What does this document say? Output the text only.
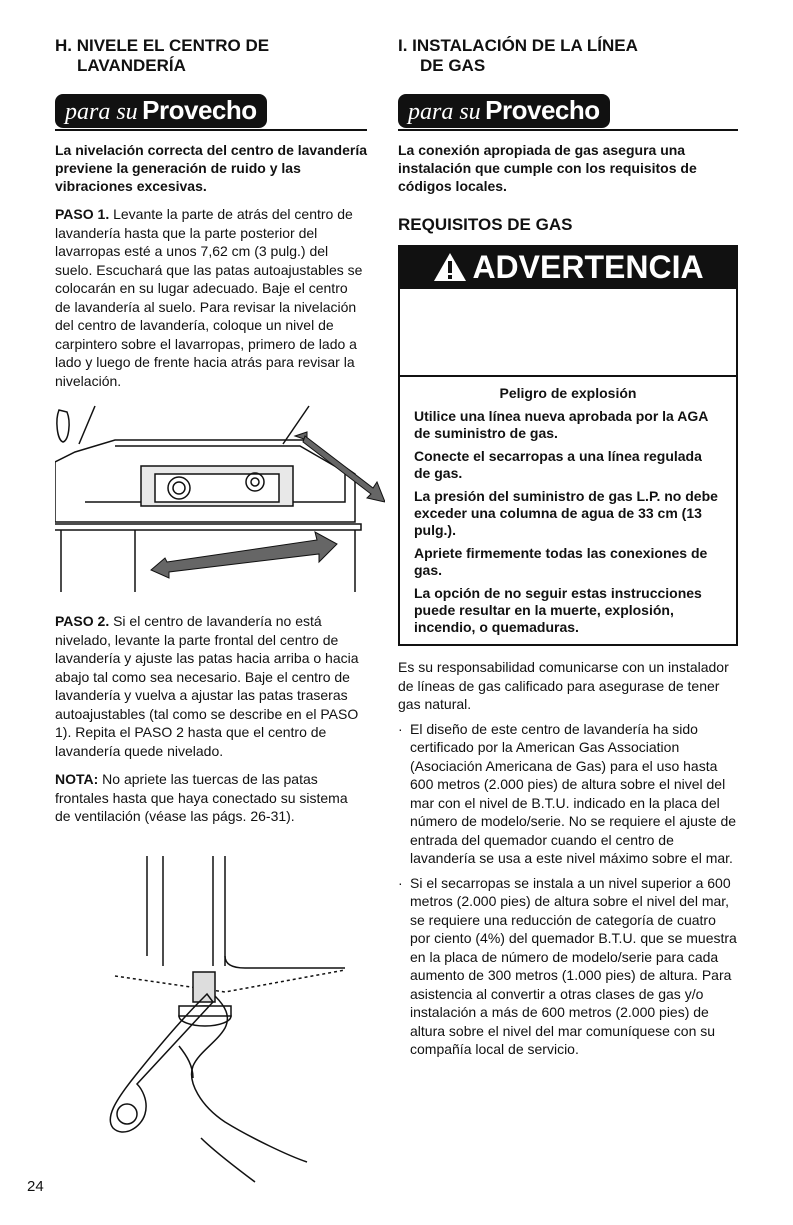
H. NIVELE EL CENTRO DE
LAVANDERÍA
para su Provecho

La nivelación correcta del centro de lavandería previene la generación de ruido y las vibraciones excesivas.

PASO 1. Levante la parte de atrás del centro de lavandería hasta que la parte posterior del lavarropas esté a unos 7,62 cm (3 pulg.) del suelo. Escuchará que las patas autoajustables se colocarán en su lugar adecuado. Baje el centro de lavandería al suelo. Para revisar la nivelación del centro de lavandería, coloque un nivel de carpintero sobre el lavarropas, primero de lado a lado y luego de frente hacia atrás para revisar la nivelación.

PASO 2. Si el centro de lavandería no está nivelado, levante la parte frontal del centro de lavandería y ajuste las patas hacia arriba o hacia abajo tal como sea necesario. Baje el centro de lavandería y vuelva a ajustar las patas traseras autoajustables (tal como se describe en el PASO 1). Repita el PASO 2 hasta que el centro de lavandería quede nivelado.

NOTA: No apriete las tuercas de las patas frontales hasta que haya conectado su sistema de ventilación (véase las págs. 26-31).

I. INSTALACIÓN DE LA LÍNEA
DE GAS
para su Provecho

La conexión apropiada de gas asegura una instalación que cumple con los requisitos de códigos locales.

REQUISITOS DE GAS
ADVERTENCIA
Peligro de explosión
Utilice una línea nueva aprobada por la AGA de suministro de gas.
Conecte el secarropas a una línea regulada de gas.
La presión del suministro de gas L.P. no debe exceder una columna de agua de 33 cm (13 pulg.).
Apriete firmemente todas las conexiones de gas.
La opción de no seguir estas instrucciones puede resultar en la muerte, explosión, incendio, o quemaduras.

Es su responsabilidad comunicarse con un instalador de líneas de gas calificado para asegurase de tener gas natural.

· El diseño de este centro de lavandería ha sido certificado por la American Gas Association (Asociación Americana de Gas) para el uso hasta 600 metros (2.000 pies) de altura sobre el nivel del mar con el nivel de B.T.U. indicado en la placa del número de modelo/serie. No se requiere el ajuste de entrada del quemador cuando el centro de lavandería se usa a este nivel máximo sobre el mar.
· Si el secarropas se instala a un nivel superior a 600 metros (2.000 pies) de altura sobre el nivel del mar, se requiere una reducción de categoría de cuatro por ciento (4%) del quemador B.T.U. que se muestra en la placa de número de modelo/serie para cada aumento de 300 metros (1.000 pies) de altura. Para asistencia al convertir a otras clases de gas y/o instalación a más de 600 metros (2.000 pies) de altura sobre el nivel del mar comuníquese con su compañía local de servicio.
24
